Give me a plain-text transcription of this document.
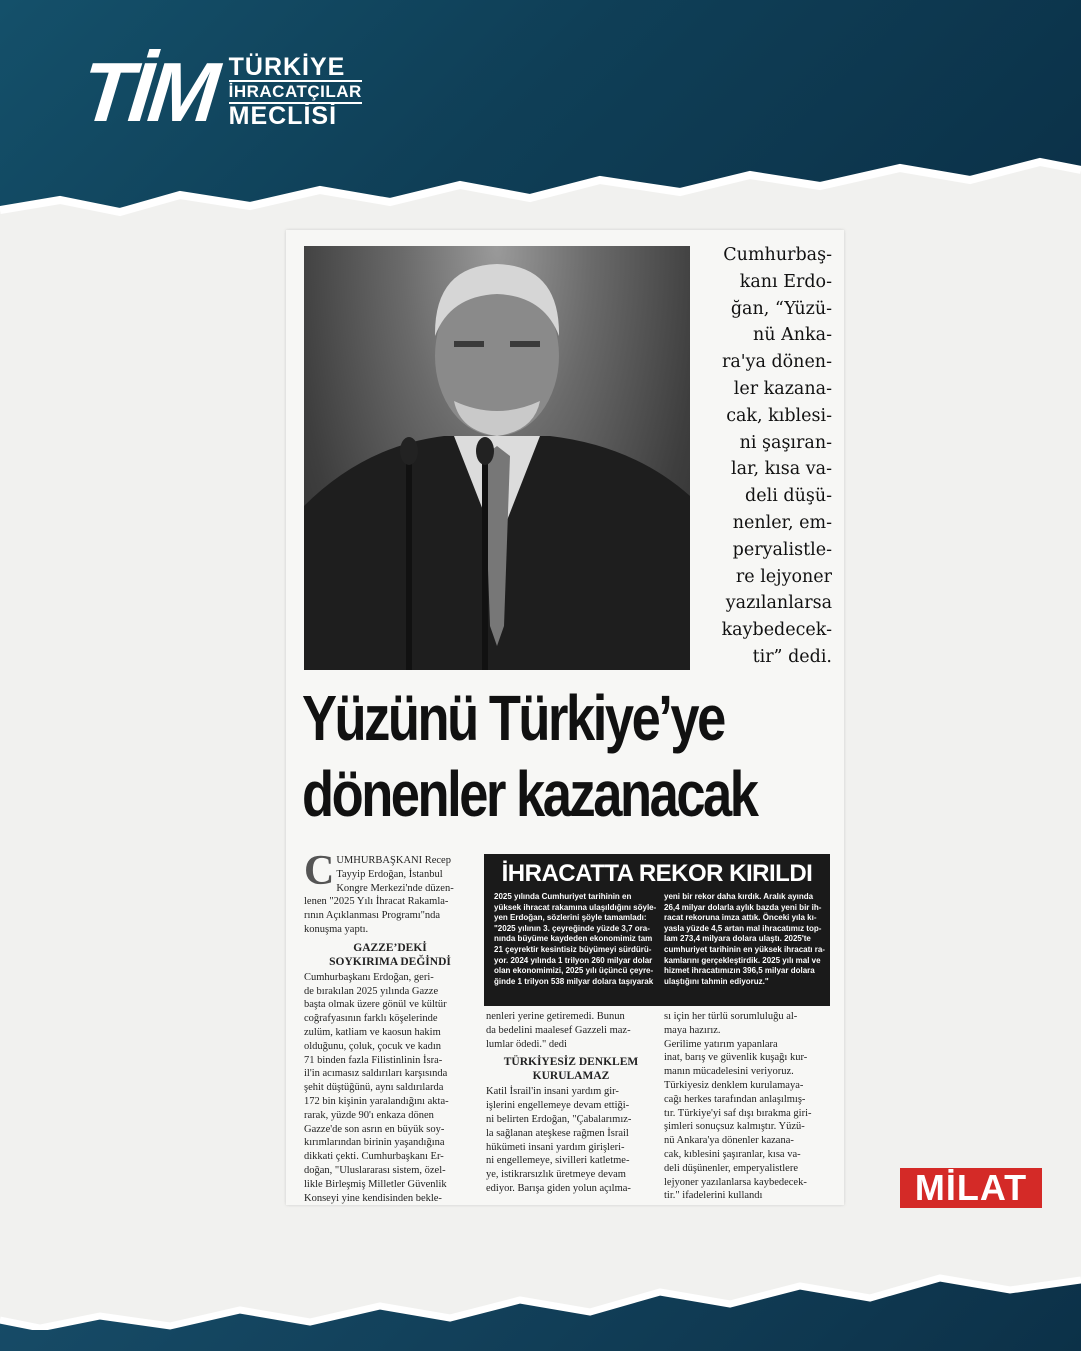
TİM TÜRKİYE
İHRACATÇILAR
MECLİSİ
Cumhurbaş-
kanı Erdo-
ğan, “Yüzü-
nü Anka-
ra'ya dönen-
ler kazana-
cak, kıblesi-
ni şaşıran-
lar, kısa va-
deli düşü-
nenler, em-
peryalistle-
re lejyoner
yazılanlarsa
kaybedecek-
tir” dedi.
Yüzünü Türkiye’ye
dönenler kazanacak
C UMHURBAŞKANI Recep
Tayyip Erdoğan, İstanbul
Kongre Merkezi'nde düzen-
lenen "2025 Yılı İhracat Rakamla-
rının Açıklanması Programı"nda
konuşma yaptı.
GAZZE’DEKİ
SOYKIRIMA DEĞİNDİ
Cumhurbaşkanı Erdoğan, geri-
de bırakılan 2025 yılında Gazze
başta olmak üzere gönül ve kültür
coğrafyasının farklı köşelerinde
zulüm, katliam ve kaosun hakim
olduğunu, çoluk, çocuk ve kadın
71 binden fazla Filistinlinin İsra-
il'in acımasız saldırıları karşısında
şehit düştüğünü, aynı saldırılarda
172 bin kişinin yaralandığını akta-
rarak, yüzde 90'ı enkaza dönen
Gazze'de son asrın en büyük soy-
kırımlarından birinin yaşandığına
dikkati çekti. Cumhurbaşkanı Er-
doğan, "Uluslararası sistem, özel-
likle Birleşmiş Milletler Güvenlik
Konseyi yine kendisinden bekle-
İHRACATTA REKOR KIRILDI
2025 yılında Cumhuriyet tarihinin en
yüksek ihracat rakamına ulaşıldığını söyle-
yen Erdoğan, sözlerini şöyle tamamladı:
"2025 yılının 3. çeyreğinde yüzde 3,7 ora-
nında büyüme kaydeden ekonomimiz tam
21 çeyrektir kesintisiz büyümeyi sürdürü-
yor. 2024 yılında 1 trilyon 260 milyar dolar
olan ekonomimizi, 2025 yılı üçüncü çeyre-
ğinde 1 trilyon 538 milyar dolara taşıyarak
yeni bir rekor daha kırdık. Aralık ayında
26,4 milyar dolarla aylık bazda yeni bir ih-
racat rekoruna imza attık. Önceki yıla kı-
yasla yüzde 4,5 artan mal ihracatımız top-
lam 273,4 milyara dolara ulaştı. 2025'te
cumhuriyet tarihinin en yüksek ihracatı ra-
kamlarını gerçekleştirdik. 2025 yılı mal ve
hizmet ihracatımızın 396,5 milyar dolara
ulaştığını tahmin ediyoruz."
nenleri yerine getiremedi. Bunun
da bedelini maalesef Gazzeli maz-
lumlar ödedi." dedi
TÜRKİYESİZ DENKLEM
KURULAMAZ
Katil İsrail'in insani yardım gir-
işlerini engellemeye devam ettiği-
ni belirten Erdoğan, "Çabalarımız-
la sağlanan ateşkese rağmen İsrail
hükümeti insani yardım girişleri-
ni engellemeye, sivilleri katletme-
ye, istikrarsızlık üretmeye devam
ediyor. Barışa giden yolun açılma-
sı için her türlü sorumluluğu al-
maya hazırız.
Gerilime yatırım yapanlara
inat, barış ve güvenlik kuşağı kur-
manın mücadelesini veriyoruz.
Türkiyesiz denklem kurulamaya-
cağı herkes tarafından anlaşılmış-
tır. Türkiye'yi saf dışı bırakma giri-
şimleri sonuçsuz kalmıştır. Yüzü-
nü Ankara'ya dönenler kazana-
cak, kıblesini şaşıranlar, kısa va-
deli düşünenler, emperyalistlere
lejyoner yazılanlarsa kaybedecek-
tir." ifadelerini kullandı	MİLAT
